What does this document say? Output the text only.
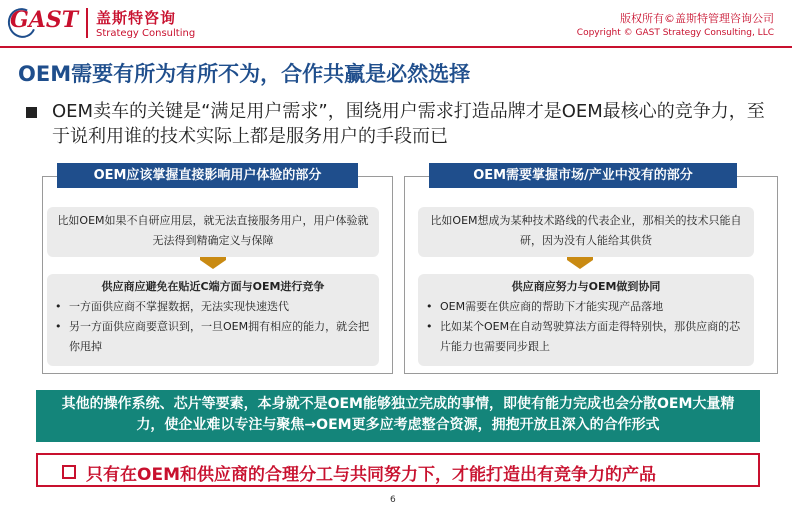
GAST 盖斯特咨询
Strategy Consulting
版权所有©盖斯特管理咨询公司
Copyright © GAST Strategy Consulting, LLC
OEM需要有所为有所不为，合作共赢是必然选择
OEM卖车的关键是“满足用户需求”，围绕用户需求打造品牌才是OEM最核心的竞争力，至于说利用谁的技术实际上都是服务用户的手段而已
OEM应该掌握直接影响用户体验的部分
比如OEM如果不自研应用层，就无法直接服务用户，用户体验就无法得到精确定义与保障
供应商应避免在贴近C端方面与OEM进行竞争
• 一方面供应商不掌握数据，无法实现快速迭代
• 另一方面供应商要意识到，一旦OEM拥有相应的能力，就会把你甩掉
OEM需要掌握市场/产业中没有的部分
比如OEM想成为某种技术路线的代表企业，那相关的技术只能自研，因为没有人能给其供货
供应商应努力与OEM做到协同
• OEM需要在供应商的帮助下才能实现产品落地
• 比如某个OEM在自动驾驶算法方面走得特别快，那供应商的芯片能力也需要同步跟上
其他的操作系统、芯片等要素，本身就不是OEM能够独立完成的事情，即使有能力完成也会分散OEM大量精力，使企业难以专注与聚焦→OEM更多应考虑整合资源，拥抱开放且深入的合作形式
只有在OEM和供应商的合理分工与共同努力下，才能打造出有竞争力的产品
6
